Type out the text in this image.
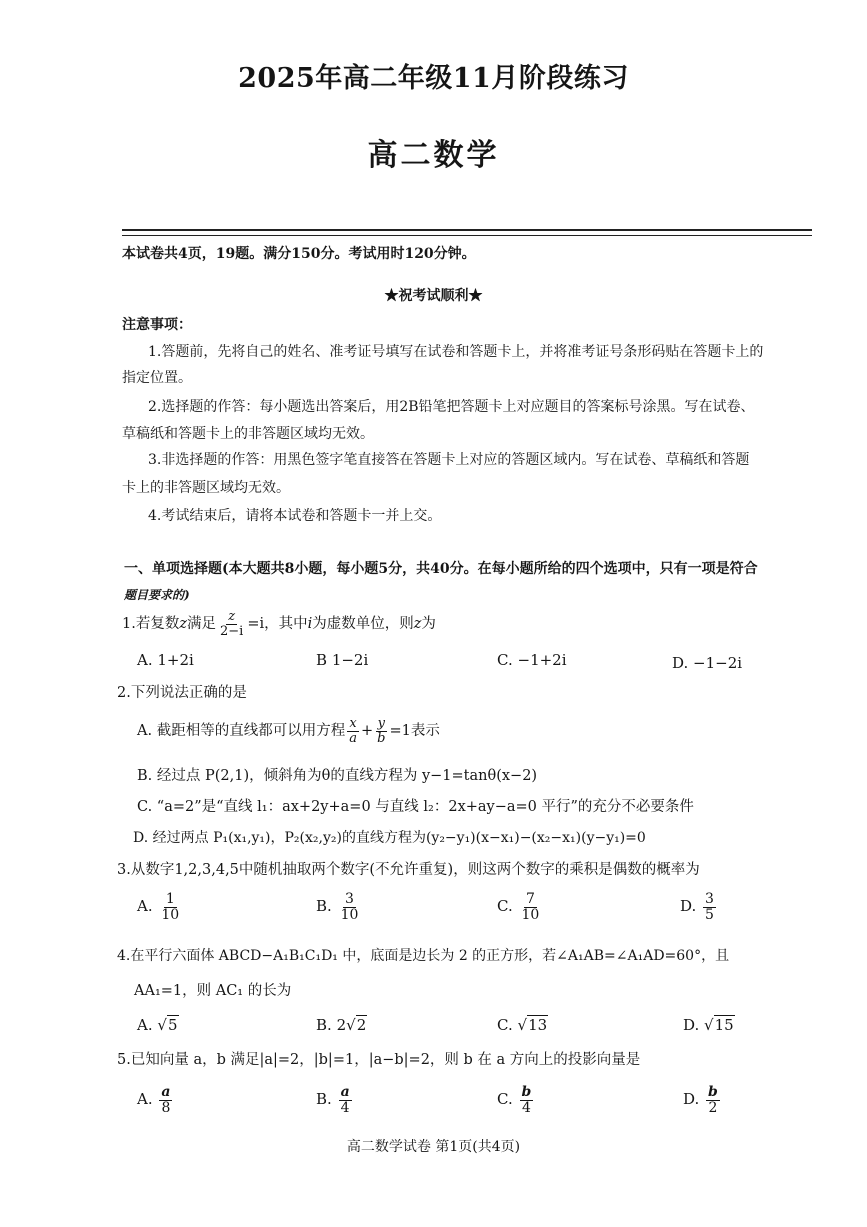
2025年高二年级11月阶段练习
高二数学
本试卷共4页，19题。满分150分。考试用时120分钟。
★祝考试顺利★
注意事项：
1.答题前，先将自己的姓名、准考证号填写在试卷和答题卡上，并将准考证号条形码贴在答题卡上的
指定位置。
2.选择题的作答：每小题选出答案后，用2B铅笔把答题卡上对应题目的答案标号涂黑。写在试卷、
草稿纸和答题卡上的非答题区域均无效。
3.非选择题的作答：用黑色签字笔直接答在答题卡上对应的答题区域内。写在试卷、草稿纸和答题
卡上的非答题区域均无效。
4.考试结束后，请将本试卷和答题卡一并上交。
一、单项选择题(本大题共8小题，每小题5分，共40分。在每小题所给的四个选项中，只有一项是符合
题目要求的)
1.若复数z满足 $\frac{z}{2-i} =i$，其中i为虚数单位，则z为
A. 1+2i	B 1−2i	C. −1+2i	D. −1−2i
2.下列说法正确的是
A. 截距相等的直线都可以用方程 $\frac{x}{a} + \frac{y}{b} =1$表示
B. 经过点 P(2,1)，倾斜角为θ的直线方程为 y−1=tanθ(x−2)
C. “a=2”是“直线 l₁：ax+2y+a=0 与直线 l₂：2x+ay−a=0 平行”的充分不必要条件
D. 经过两点 P₁(x₁,y₁)，P₂(x₂,y₂)的直线方程为(y₂−y₁)(x−x₁)−(x₂−x₁)(y−y₁)=0
3.从数字1,2,3,4,5中随机抽取两个数字(不允许重复)，则这两个数字的乘积是偶数的概率为
A. $\frac{1}{10}$	B. $\frac{3}{10}$	C. $\frac{7}{10}$	D. $\frac{3}{5}$
4.在平行六面体 ABCD−A₁B₁C₁D₁ 中，底面是边长为 2 的正方形，若∠A₁AB=∠A₁AD=60°，且
AA₁=1，则 AC₁ 的长为
A. √5	B. 2√2	C. √13	D. √15
5.已知向量 a，b 满足|a|=2，|b|=1，|a−b|=2，则 b 在 a 方向上的投影向量是
A. $\frac{a}{8}$	B. $\frac{a}{4}$	C. $\frac{b}{4}$	D. $\frac{b}{2}$
高二数学试卷 第1页(共4页)
